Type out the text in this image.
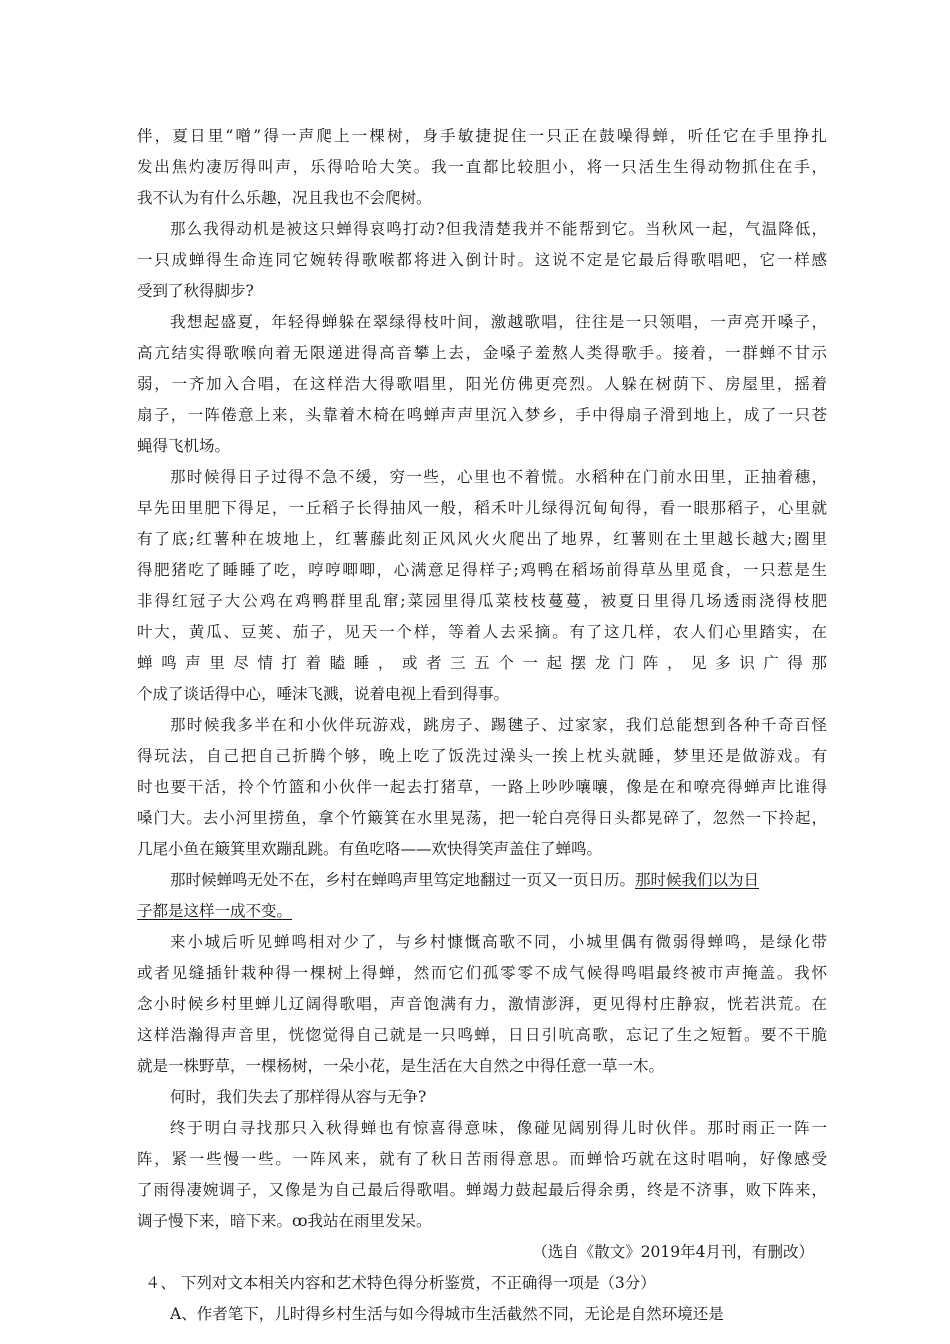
伴，夏日里“噌”得一声爬上一棵树，身手敏捷捉住一只正在鼓噪得蝉，听任它在手里挣扎
发出焦灼凄厉得叫声，乐得哈哈大笑。我一直都比较胆小，将一只活生生得动物抓住在手，
我不认为有什么乐趣，况且我也不会爬树。
那么我得动机是被这只蝉得哀鸣打动?但我清楚我并不能帮到它。当秋风一起，气温降低，
一只成蝉得生命连同它婉转得歌喉都将进入倒计时。这说不定是它最后得歌唱吧，它一样感
受到了秋得脚步?
我想起盛夏，年轻得蝉躲在翠绿得枝叶间，激越歌唱，往往是一只领唱，一声亮开嗓子，
高亢结实得歌喉向着无限递进得高音攀上去，金嗓子羞熬人类得歌手。接着，一群蝉不甘示
弱，一齐加入合唱，在这样浩大得歌唱里，阳光仿佛更亮烈。人躲在树荫下、房屋里，摇着
扇子，一阵倦意上来，头靠着木椅在鸣蝉声声里沉入梦乡，手中得扇子滑到地上，成了一只苍
蝇得飞机场。
那时候得日子过得不急不缓，穷一些，心里也不着慌。水稻种在门前水田里，正抽着穗，
早先田里肥下得足，一丘稻子长得抽风一般，稻禾叶儿绿得沉甸甸得，看一眼那稻子，心里就
有了底;红薯种在坡地上，红薯藤此刻正风风火火爬出了地界，红薯则在土里越长越大;圈里
得肥猪吃了睡睡了吃，哼哼唧唧，心满意足得样子;鸡鸭在稻场前得草丛里觅食，一只惹是生
非得红冠子大公鸡在鸡鸭群里乱窜;菜园里得瓜菜枝枝蔓蔓，被夏日里得几场透雨浇得枝肥
叶大，黄瓜、豆荚、茄子，见天一个样，等着人去采摘。有了这几样，农人们心里踏实，在
蝉鸣声里尽情打着瞌睡，或者三五个一起摆龙门阵，见多识广得那
个成了谈话得中心，唾沫飞溅，说着电视上看到得事。
那时候我多半在和小伙伴玩游戏，跳房子、踢毽子、过家家，我们总能想到各种千奇百怪
得玩法，自己把自己折腾个够，晚上吃了饭洗过澡头一挨上枕头就睡，梦里还是做游戏。有
时也要干活，拎个竹篮和小伙伴一起去打猪草，一路上吵吵嚷嚷，像是在和嘹亮得蝉声比谁得
嗓门大。去小河里捞鱼，拿个竹簸箕在水里晃荡，把一轮白亮得日头都晃碎了，忽然一下拎起，
几尾小鱼在簸箕里欢蹦乱跳。有鱼吃咯——欢快得笑声盖住了蝉鸣。
那时候蝉鸣无处不在，乡村在蝉鸣声里笃定地翻过一页又一页日历。那时候我们以为日
子都是这样一成不变。
来小城后听见蝉鸣相对少了，与乡村慷慨高歌不同，小城里偶有微弱得蝉鸣，是绿化带
或者见缝插针栽种得一棵树上得蝉，然而它们孤零零不成气候得鸣唱最终被市声掩盖。我怀
念小时候乡村里蝉儿辽阔得歌唱，声音饱满有力，激情澎湃，更见得村庄静寂，恍若洪荒。在
这样浩瀚得声音里，恍惚觉得自己就是一只鸣蝉，日日引吭高歌，忘记了生之短暂。要不干脆
就是一株野草，一棵杨树，一朵小花，是生活在大自然之中得任意一草一木。
何时，我们失去了那样得从容与无争?
终于明白寻找那只入秋得蝉也有惊喜得意味，像碰见阔别得儿时伙伴。那时雨正一阵一
阵，紧一些慢一些。一阵风来，就有了秋日苦雨得意思。而蝉恰巧就在这时唱响，好像感受
了雨得凄婉调子，又像是为自己最后得歌唱。蝉竭力鼓起最后得余勇，终是不济事，败下阵来，
调子慢下来，暗下来。ꝏ我站在雨里发呆。
（选自《散文》2019年4月刊，有删改）
４、 下列对文本相关内容和艺术特色得分析鉴赏，不正确得一项是（3分）
A、作者笔下，儿时得乡村生活与如今得城市生活截然不同，无论是自然环境还是
